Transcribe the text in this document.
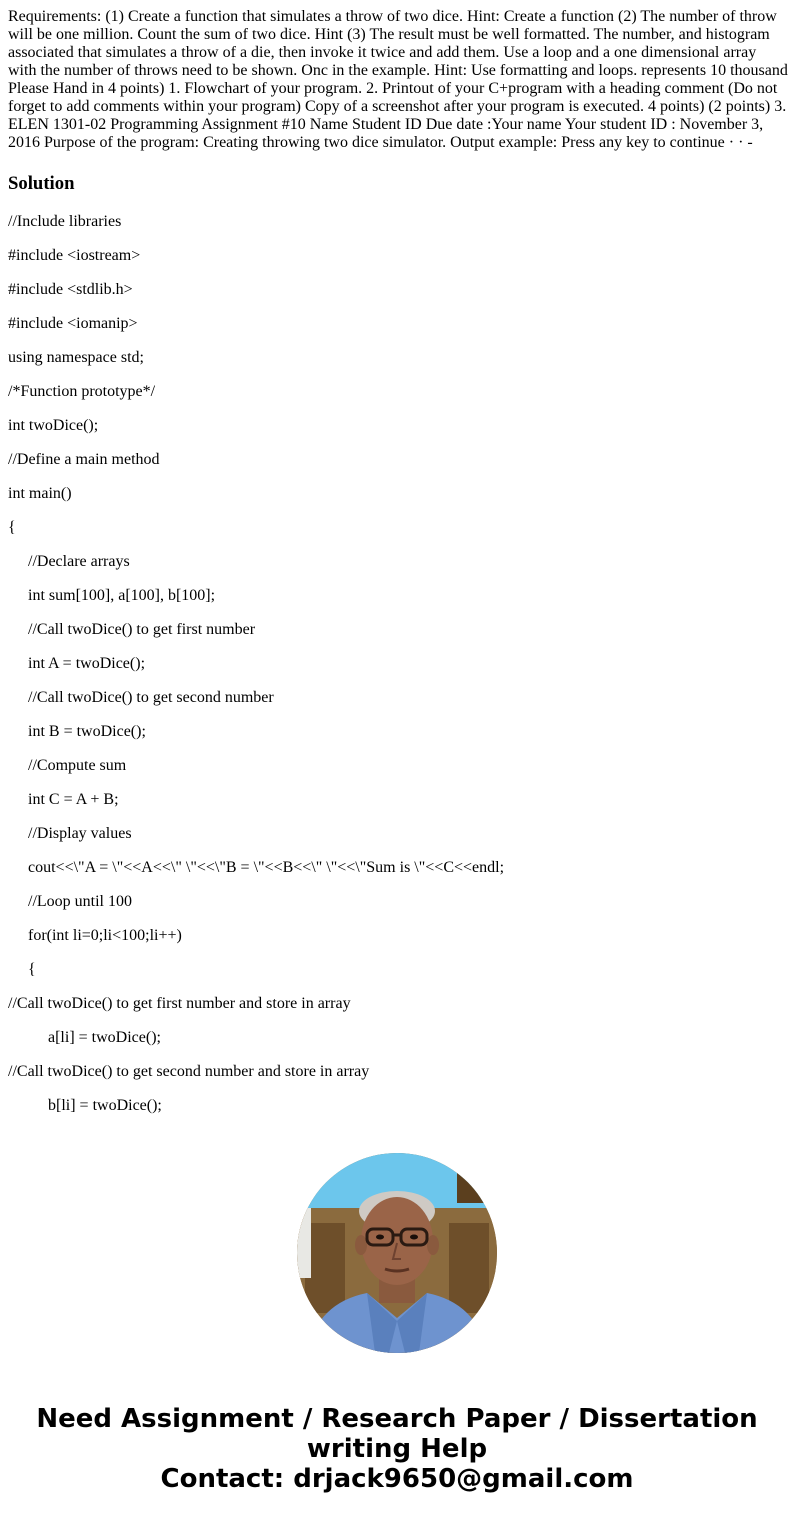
Requirements: (1) Create a function that simulates a throw of two dice. Hint: Create a function (2) The number of throw will be one million. Count the sum of two dice. Hint (3) The result must be well formatted. The number, and histogram associated that simulates a throw of a die, then invoke it twice and add them. Use a loop and a one dimensional array with the number of throws need to be shown. Onc in the example. Hint: Use formatting and loops. represents 10 thousand Please Hand in 4 points) 1. Flowchart of your program. 2. Printout of your C+program with a heading comment (Do not forget to add comments within your program) Copy of a screenshot after your program is executed. 4 points) (2 points) 3. ELEN 1301-02 Programming Assignment #10 Name Student ID Due date :Your name Your student ID : November 3, 2016 Purpose of the program: Creating throwing two dice simulator. Output example: Press any key to continue · · -

Solution

//Include libraries

#include <iostream>

#include <stdlib.h>

#include <iomanip>

using namespace std;

/*Function prototype*/

int twoDice();

//Define a main method

int main()

{

//Declare arrays

int sum[100], a[100], b[100];

//Call twoDice() to get first number

int A = twoDice();

//Call twoDice() to get second number

int B = twoDice();

//Compute sum

int C = A + B;

//Display values

cout<<\"A = \"<<A<<\" \"<<\"B = \"<<B<<\" \"<<\"Sum is \"<<C<<endl;

//Loop until 100

for(int li=0;li<100;li++)

{

//Call twoDice() to get first number and store in array

a[li] = twoDice();

//Call twoDice() to get second number and store in array

b[li] = twoDice();

Need Assignment / Research Paper / Dissertation
writing Help
Contact: drjack9650@gmail.com
